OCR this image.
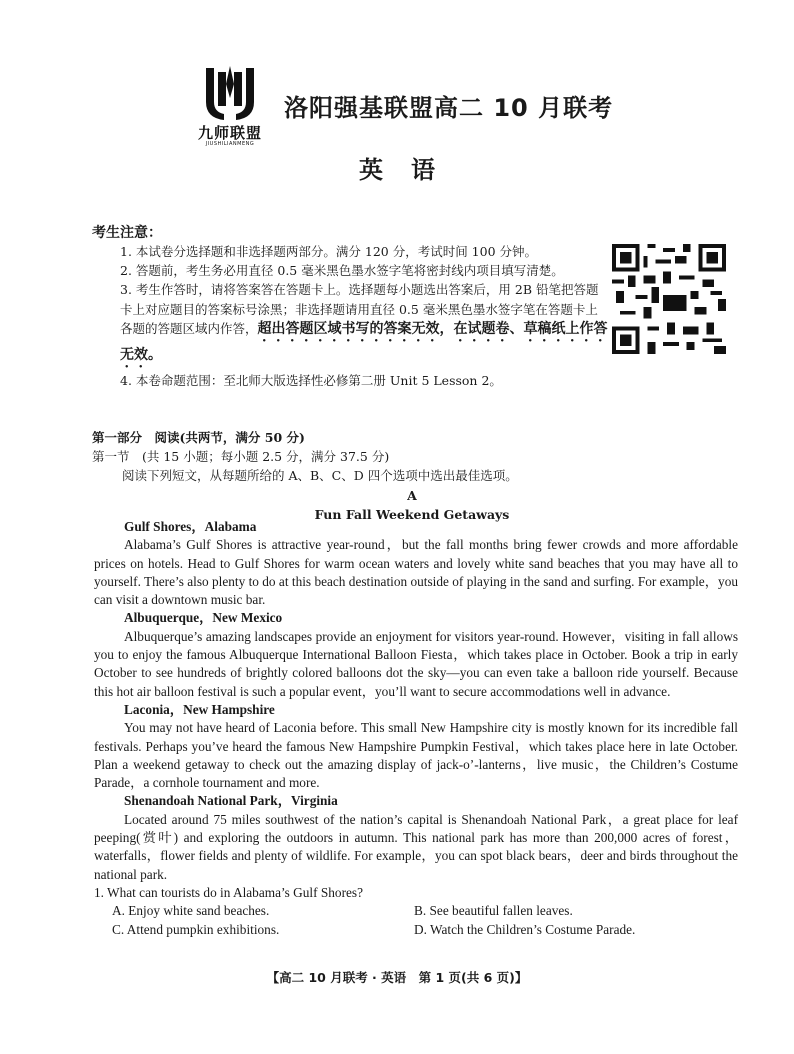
九师联盟
JIUSHILIANMENG
洛阳强基联盟高二 10 月联考
英语
考生注意：

1. 本试卷分选择题和非选择题两部分。满分 120 分，考试时间 100 分钟。

2. 答题前，考生务必用直径 0.5 毫米黑色墨水签字笔将密封线内项目填写清楚。

3. 考生作答时，请将答案答在答题卡上。选择题每小题选出答案后，用 2B 铅笔把答题卡上对应题目的答案标号涂黑；非选择题请用直径 0.5 毫米黑色墨水签字笔在答题卡上各题的答题区域内作答，超出答题区域书写的答案无效，在试题卷、草稿纸上作答无效。

4. 本卷命题范围：至北师大版选择性必修第二册 Unit 5 Lesson 2。

第一部分　阅读(共两节，满分 50 分)

第一节　(共 15 小题；每小题 2.5 分，满分 37.5 分)

阅读下列短文，从每题所给的 A、B、C、D 四个选项中选出最佳选项。

A

Fun Fall Weekend Getaways

Gulf Shores，Alabama

Alabama’s Gulf Shores is attractive year-round，but the fall months bring fewer crowds and more affordable prices on hotels. Head to Gulf Shores for warm ocean waters and lovely white sand beaches that you may have all to yourself. There’s also plenty to do at this beach destination outside of playing in the sand and surfing. For example，you can visit a downtown music bar.

Albuquerque，New Mexico

Albuquerque’s amazing landscapes provide an enjoyment for visitors year-round. However，visiting in fall allows you to enjoy the famous Albuquerque International Balloon Fiesta，which takes place in October. Book a trip in early October to see hundreds of brightly colored balloons dot the sky—you can even take a balloon ride yourself. Because this hot air balloon festival is such a popular event，you’ll want to secure accommodations well in advance.

Laconia，New Hampshire

You may not have heard of Laconia before. This small New Hampshire city is mostly known for its incredible fall festivals. Perhaps you’ve heard the famous New Hampshire Pumpkin Festival，which takes place here in late October. Plan a weekend getaway to check out the amazing display of jack-o’-lanterns，live music，the Children’s Costume Parade，a cornhole tournament and more.

Shenandoah National Park，Virginia

Located around 75 miles southwest of the nation’s capital is Shenandoah National Park，a great place for leaf peeping(赏叶) and exploring the outdoors in autumn. This national park has more than 200,000 acres of forest，waterfalls，flower fields and plenty of wildlife. For example，you can spot black bears，deer and birds throughout the national park.

1. What can tourists do in Alabama’s Gulf Shores?

A. Enjoy white sand beaches.	B. See beautiful fallen leaves.
C. Attend pumpkin exhibitions.	D. Watch the Children’s Costume Parade.
【高二 10 月联考 · 英语　第 1 页(共 6 页)】
